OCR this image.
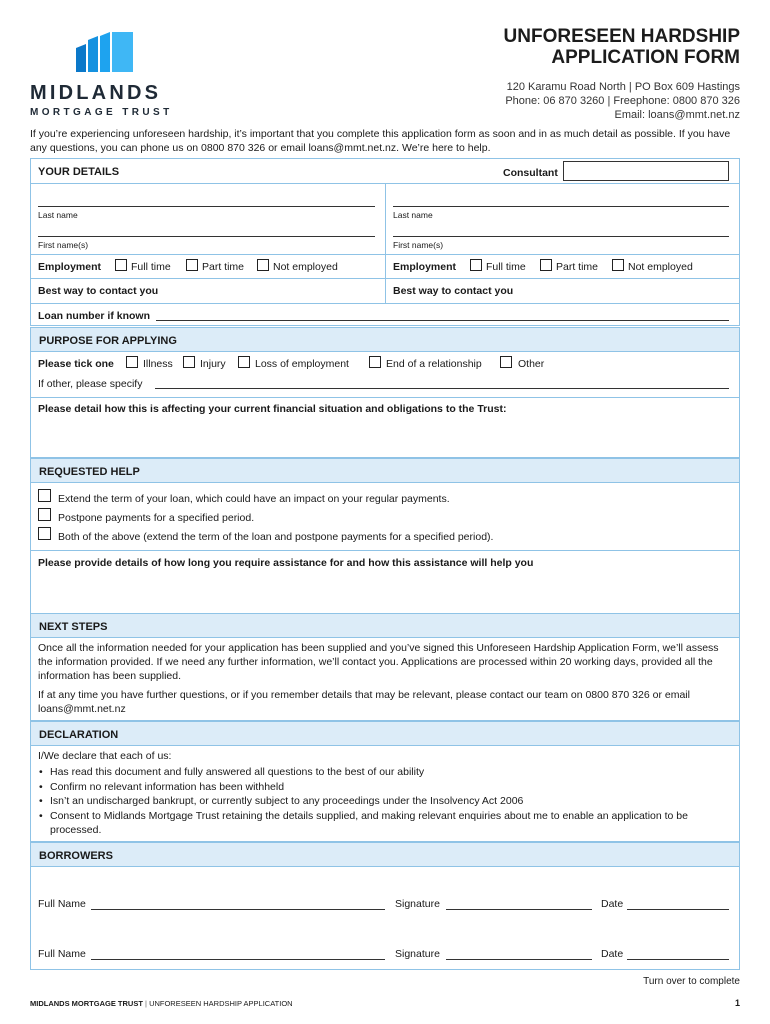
MIDLANDS
MORTGAGE TRUST
UNFORESEEN HARDSHIP
APPLICATION FORM
120 Karamu Road North | PO Box 609 Hastings
Phone: 06 870 3260 | Freephone: 0800 870 326
Email: loans@mmt.net.nz
If you’re experiencing unforeseen hardship, it’s important that you complete this application form as soon and in as much detail as possible. If you have any questions, you can phone us on 0800 870 326 or email loans@mmt.net.nz. We’re here to help.
YOUR DETAILS	Consultant
Last name	Last name
First name(s)	First name(s)
Employment	Full time	Part time	Not employed	Employment	Full time	Part time	Not employed
Best way to contact you	Best way to contact you
Loan number if known
PURPOSE FOR APPLYING
Please tick one	Illness	Injury	Loss of employment	End of a relationship	Other
If other, please specify
Please detail how this is affecting your current financial situation and obligations to the Trust:
REQUESTED HELP
Extend the term of your loan, which could have an impact on your regular payments.
Postpone payments for a specified period.
Both of the above (extend the term of the loan and postpone payments for a specified period).
Please provide details of how long you require assistance for and how this assistance will help you
NEXT STEPS
Once all the information needed for your application has been supplied and you’ve signed this Unforeseen Hardship Application Form, we’ll assess the information provided. If we need any further information, we’ll contact you. Applications are processed within 20 working days, provided all the information has been supplied.
If at any time you have further questions, or if you remember details that may be relevant, please contact our team on 0800 870 326 or email loans@mmt.net.nz
DECLARATION
I/We declare that each of us:
• Has read this document and fully answered all questions to the best of our ability
• Confirm no relevant information has been withheld
• Isn’t an undischarged bankrupt, or currently subject to any proceedings under the Insolvency Act 2006
• Consent to Midlands Mortgage Trust retaining the details supplied, and making relevant enquiries about me to enable an application to be processed.
BORROWERS
Full Name	Signature	Date
Full Name	Signature	Date
Turn over to complete
MIDLANDS MORTGAGE TRUST | UNFORESEEN HARDSHIP APPLICATION	1
